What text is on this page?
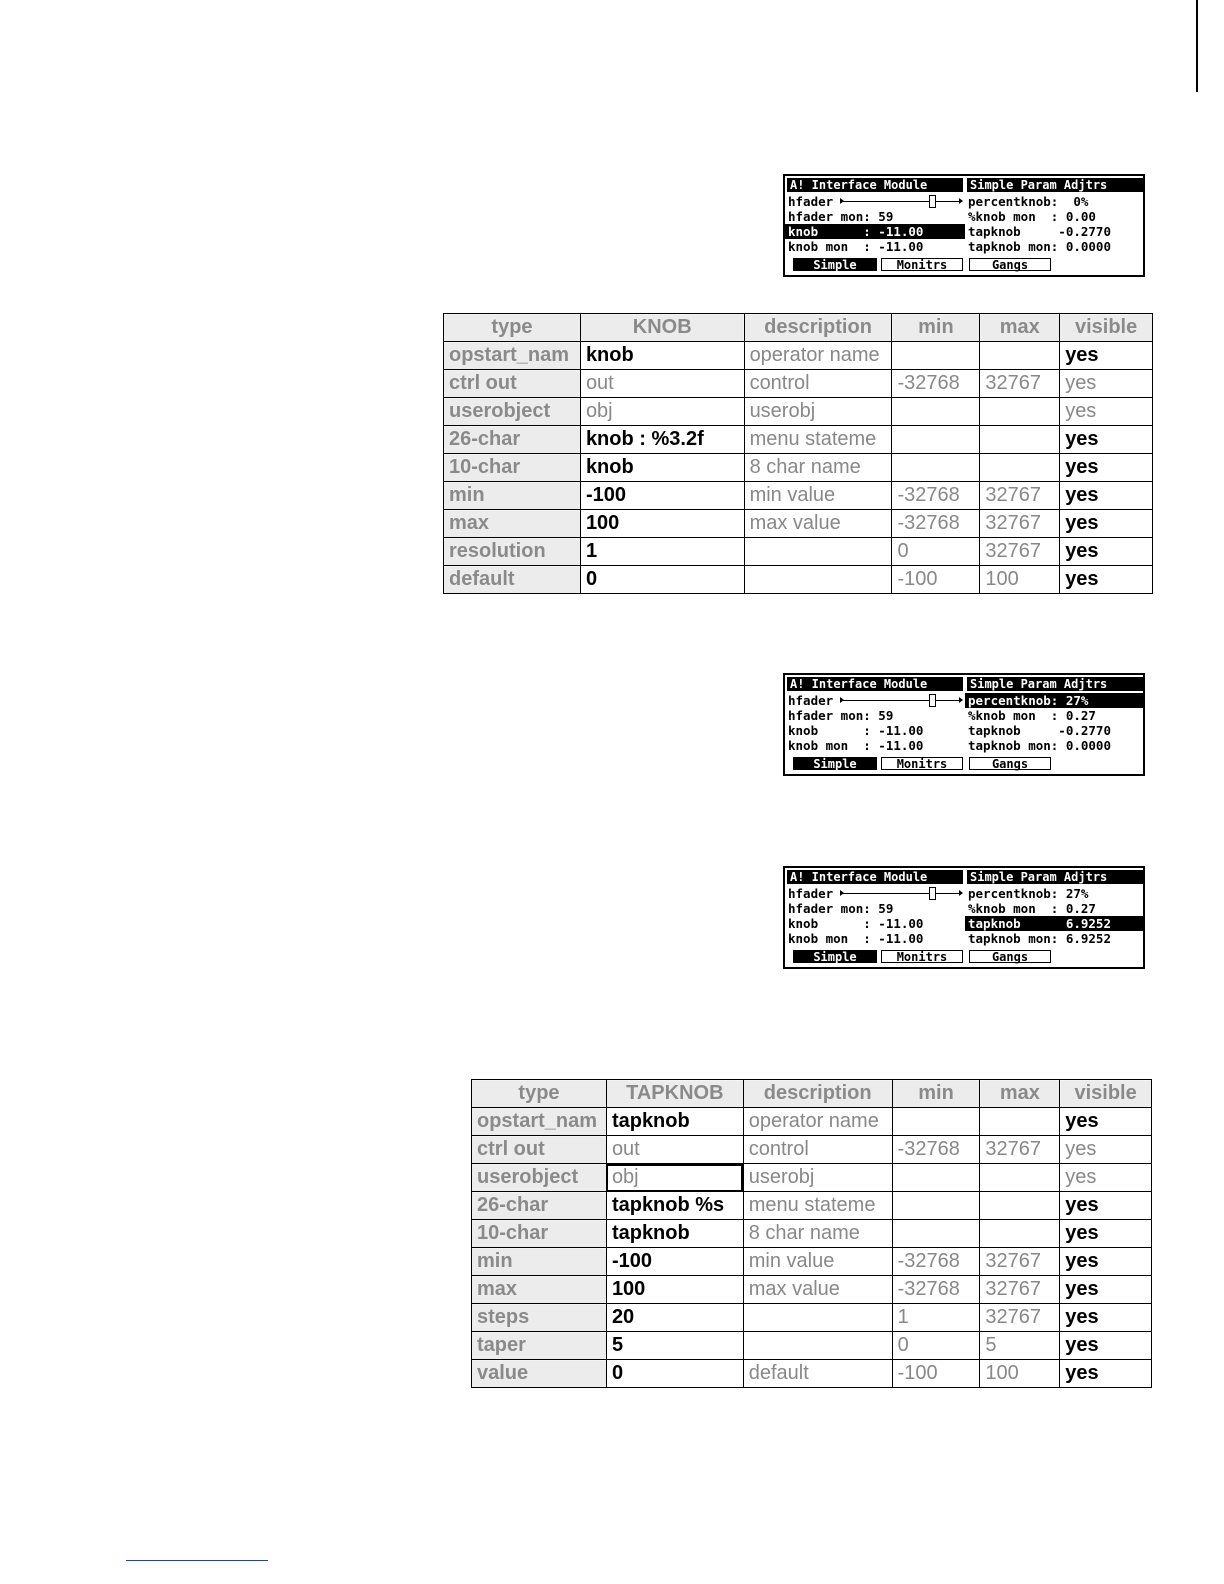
A! Interface Module	Simple Param Adjtrs
hfader	percentknob:  0%
hfader mon: 59	%knob mon  : 0.00
knob      : -11.00	tapknob     -0.2770
knob mon  : -11.00	tapknob mon: 0.0000
Simple	Monitrs	Gangs
type	KNOB	description	min	max	visible
opstart_nam	knob	operator name			yes
ctrl out	out	control	-32768	32767	yes
userobject	obj	userobj			yes
26-char	knob : %3.2f	menu stateme			yes
10-char	knob	8 char name			yes
min	-100	min value	-32768	32767	yes
max	100	max value	-32768	32767	yes
resolution	1		0	32767	yes
default	0		-100	100	yes
A! Interface Module	Simple Param Adjtrs
hfader	percentknob: 27%
hfader mon: 59	%knob mon  : 0.27
knob      : -11.00	tapknob     -0.2770
knob mon  : -11.00	tapknob mon: 0.0000
Simple	Monitrs	Gangs
A! Interface Module	Simple Param Adjtrs
hfader	percentknob: 27%
hfader mon: 59	%knob mon  : 0.27
knob      : -11.00	tapknob      6.9252
knob mon  : -11.00	tapknob mon: 6.9252
Simple	Monitrs	Gangs
type	TAPKNOB	description	min	max	visible
opstart_nam	tapknob	operator name			yes
ctrl out	out	control	-32768	32767	yes
userobject	obj	userobj			yes
26-char	tapknob %s	menu stateme			yes
10-char	tapknob	8 char name			yes
min	-100	min value	-32768	32767	yes
max	100	max value	-32768	32767	yes
steps	20		1	32767	yes
taper	5		0	5	yes
value	0	default	-100	100	yes
